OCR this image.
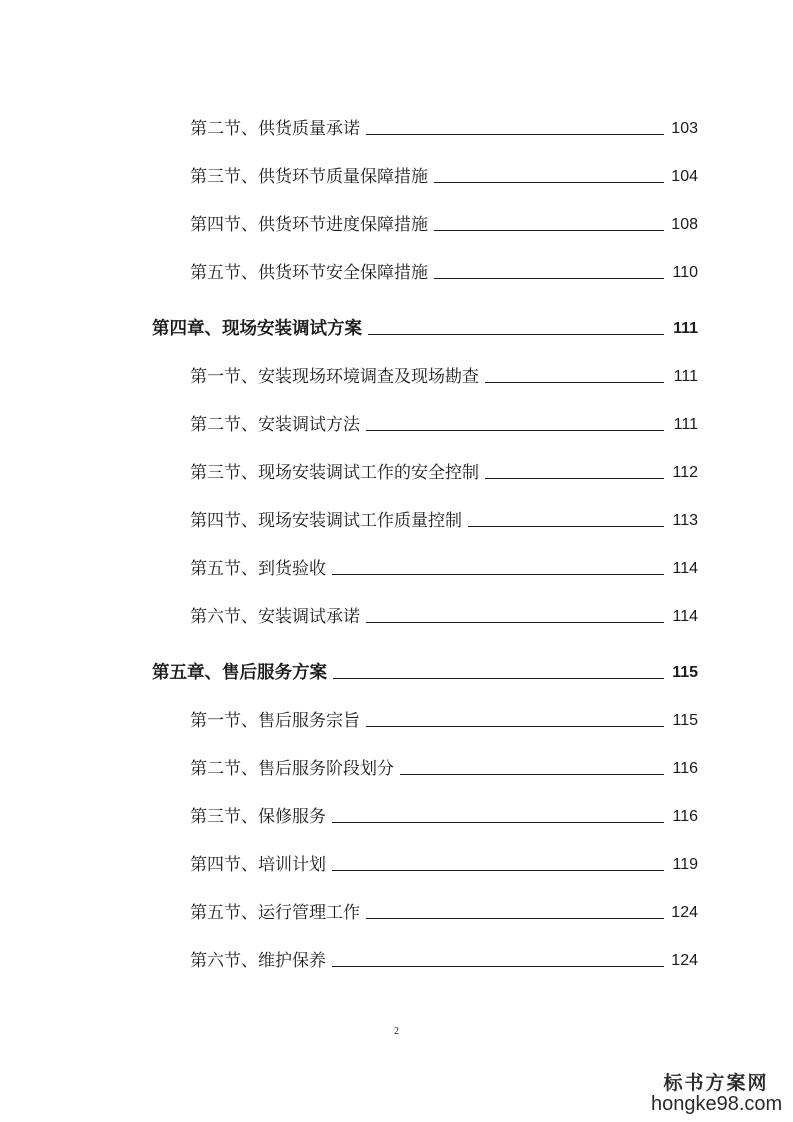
第二节、供货质量承诺	103
第三节、供货环节质量保障措施	104
第四节、供货环节进度保障措施	108
第五节、供货环节安全保障措施	110
第四章、现场安装调试方案	111
第一节、安装现场环境调查及现场勘查	111
第二节、安装调试方法	111
第三节、现场安装调试工作的安全控制	112
第四节、现场安装调试工作质量控制	113
第五节、到货验收	114
第六节、安装调试承诺	114
第五章、售后服务方案	115
第一节、售后服务宗旨	115
第二节、售后服务阶段划分	116
第三节、保修服务	116
第四节、培训计划	119
第五节、运行管理工作	124
第六节、维护保养	124
2
标书方案网
hongke98.com
